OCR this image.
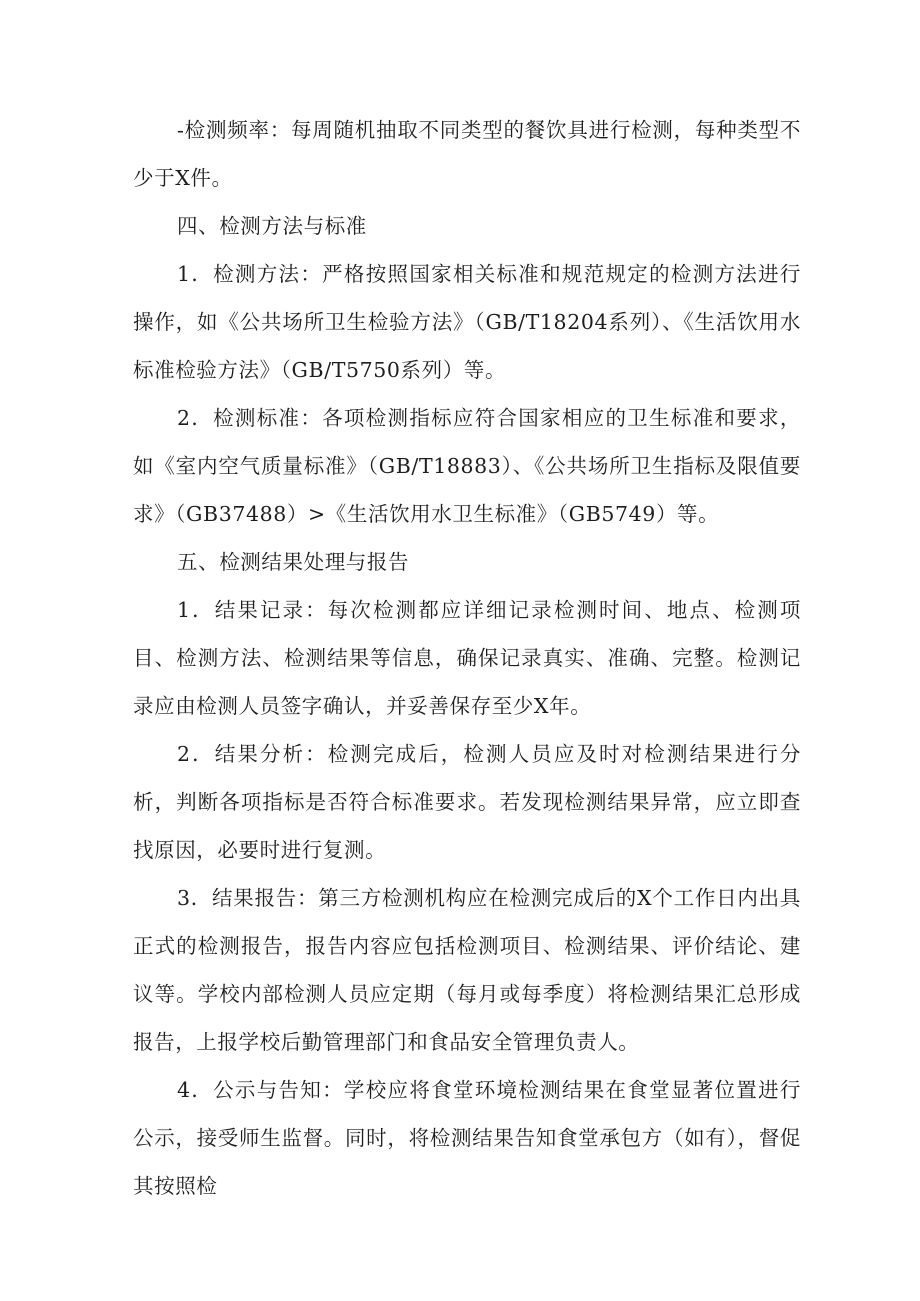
-检测频率：每周随机抽取不同类型的餐饮具进行检测，每种类型不少于X件。

四、检测方法与标准

1．检测方法：严格按照国家相关标准和规范规定的检测方法进行操作，如《公共场所卫生检验方法》（GB/T18204系列）、《生活饮用水标准检验方法》（GB/T5750系列）等。

2．检测标准：各项检测指标应符合国家相应的卫生标准和要求，如《室内空气质量标准》（GB/T18883）、《公共场所卫生指标及限值要求》（GB37488）>《生活饮用水卫生标准》（GB5749）等。

五、检测结果处理与报告

1．结果记录：每次检测都应详细记录检测时间、地点、检测项目、检测方法、检测结果等信息，确保记录真实、准确、完整。检测记录应由检测人员签字确认，并妥善保存至少X年。

2．结果分析：检测完成后，检测人员应及时对检测结果进行分析，判断各项指标是否符合标准要求。若发现检测结果异常，应立即查找原因，必要时进行复测。

3．结果报告：第三方检测机构应在检测完成后的X个工作日内出具正式的检测报告，报告内容应包括检测项目、检测结果、评价结论、建议等。学校内部检测人员应定期（每月或每季度）将检测结果汇总形成报告，上报学校后勤管理部门和食品安全管理负责人。

4．公示与告知：学校应将食堂环境检测结果在食堂显著位置进行公示，接受师生监督。同时，将检测结果告知食堂承包方（如有），督促其按照检
